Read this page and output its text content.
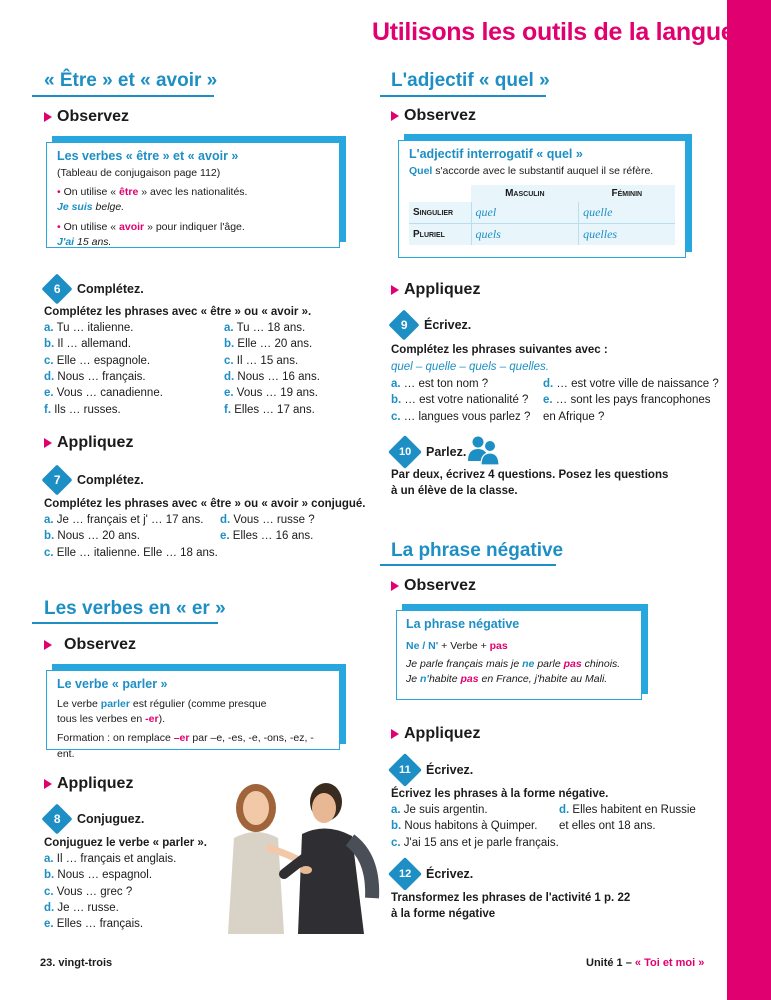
Utilisons les outils de la langue
« Être » et « avoir »
Observez
Les verbes « être » et « avoir »

(Tableau de conjugaison page 112)

• On utilise « être » avec les nationalités.

Je suis belge.

• On utilise « avoir » pour indiquer l'âge.

J'ai 15 ans.

6 Complétez.
Complétez les phrases avec « être » ou « avoir ».
a. Tu … italienne.
b. Il … allemand.
c. Elle … espagnole.
d. Nous … français.
e. Vous … canadienne.
f. Ils … russes.
a. Tu … 18 ans.
b. Elle … 20 ans.
c. Il … 15 ans.
d. Nous … 16 ans.
e. Vous … 19 ans.
f. Elles … 17 ans.
Appliquez
7 Complétez.
Complétez les phrases avec « être » ou « avoir » conjugué.
a. Je … français et j' … 17 ans.
b. Nous … 20 ans.
c. Elle … italienne. Elle … 18 ans.
d. Vous … russe ?
e. Elles … 16 ans.
Les verbes en « er »
Observez
Le verbe « parler »

Le verbe parler est régulier (comme presque

tous les verbes en -er).

Formation : on remplace –er par –e, -es, -e, -ons, -ez, -ent.

Appliquez
8 Conjuguez.
Conjuguez le verbe « parler ».
a. Il … français et anglais.
b. Nous … espagnol.
c. Vous … grec ?
d. Je … russe.
e. Elles … français.
L'adjectif « quel »
Observez
L'adjectif interrogatif « quel »

Quel s'accorde avec le substantif auquel il se réfère.

	Masculin	Féminin
Singulier	quel	quelle
Pluriel	quels	quelles
Appliquez
9 Écrivez.
Complétez les phrases suivantes avec :
quel – quelle – quels – quelles.
a. … est ton nom ?
b. … est votre nationalité ?
c. … langues vous parlez ?
d. … est votre ville de naissance ?
e. … sont les pays francophones
en Afrique ?
10 Parlez.
Par deux, écrivez 4 questions. Posez les questions
à un élève de la classe.
La phrase négative
Observez
La phrase négative

Ne / N' + Verbe + pas

Je parle français mais je ne parle pas chinois.

Je n'habite pas en France, j'habite au Mali.

Appliquez
11 Écrivez.
Écrivez les phrases à la forme négative.
a. Je suis argentin.
b. Nous habitons à Quimper.
c. J'ai 15 ans et je parle français.
d. Elles habitent en Russie
et elles ont 18 ans.
12 Écrivez.
Transformez les phrases de l'activité 1 p. 22
à la forme négative
23. vingt-trois	Unité 1 – « Toi et moi »
